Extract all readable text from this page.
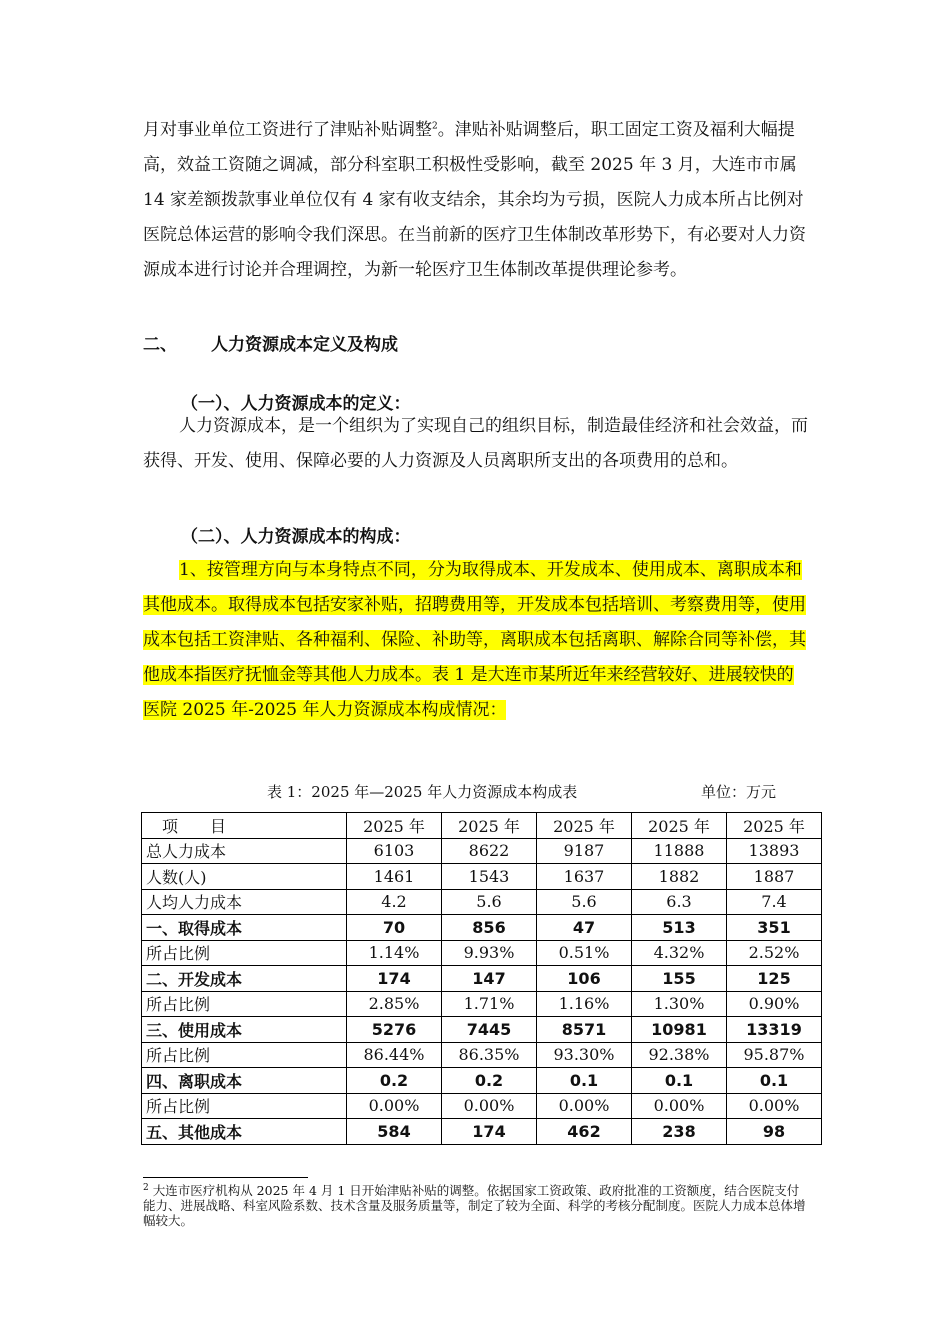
月对事业单位工资进行了津贴补贴调整$^2$。津贴补贴调整后，职工固定工资及福利大幅提高，效益工资随之调减，部分科室职工积极性受影响，截至 2025 年 3 月，大连市市属 14 家差额拨款事业单位仅有 4 家有收支结余，其余均为亏损，医院人力成本所占比例对医院总体运营的影响令我们深思。在当前新的医疗卫生体制改革形势下，有必要对人力资源成本进行讨论并合理调控，为新一轮医疗卫生体制改革提供理论参考。

二、 人力资源成本定义及构成
（一）、人力资源成本的定义：

人力资源成本，是一个组织为了实现自己的组织目标，制造最佳经济和社会效益，而获得、开发、使用、保障必要的人力资源及人员离职所支出的各项费用的总和。

（二）、人力资源成本的构成：

1、按管理方向与本身特点不同，分为取得成本、开发成本、使用成本、离职成本和其他成本。取得成本包括安家补贴，招聘费用等，开发成本包括培训、考察费用等，使用成本包括工资津贴、各种福利、保险、补助等，离职成本包括离职、解除合同等补偿，其他成本指医疗抚恤金等其他人力成本。表 1 是大连市某所近年来经营较好、进展较快的医院 2025 年-2025 年人力资源成本构成情况：

表 1：2025 年—2025 年人力资源成本构成表	单位：万元
项　　目	2025 年	2025 年	2025 年	2025 年	2025 年
总人力成本	6103	8622	9187	11888	13893
人数(人)	1461	1543	1637	1882	1887
人均人力成本	4.2	5.6	5.6	6.3	7.4
一、取得成本	70	856	47	513	351
所占比例	1.14%	9.93%	0.51%	4.32%	2.52%
二、开发成本	174	147	106	155	125
所占比例	2.85%	1.71%	1.16%	1.30%	0.90%
三、使用成本	5276	7445	8571	10981	13319
所占比例	86.44%	86.35%	93.30%	92.38%	95.87%
四、离职成本	0.2	0.2	0.1	0.1	0.1
所占比例	0.00%	0.00%	0.00%	0.00%	0.00%
五、其他成本	584	174	462	238	98
$^2$ 大连市医疗机构从 2025 年 4 月 1 日开始津贴补贴的调整。依据国家工资政策、政府批准的工资额度，结合医院支付能力、进展战略、科室风险系数、技术含量及服务质量等，制定了较为全面、科学的考核分配制度。医院人力成本总体增幅较大。
